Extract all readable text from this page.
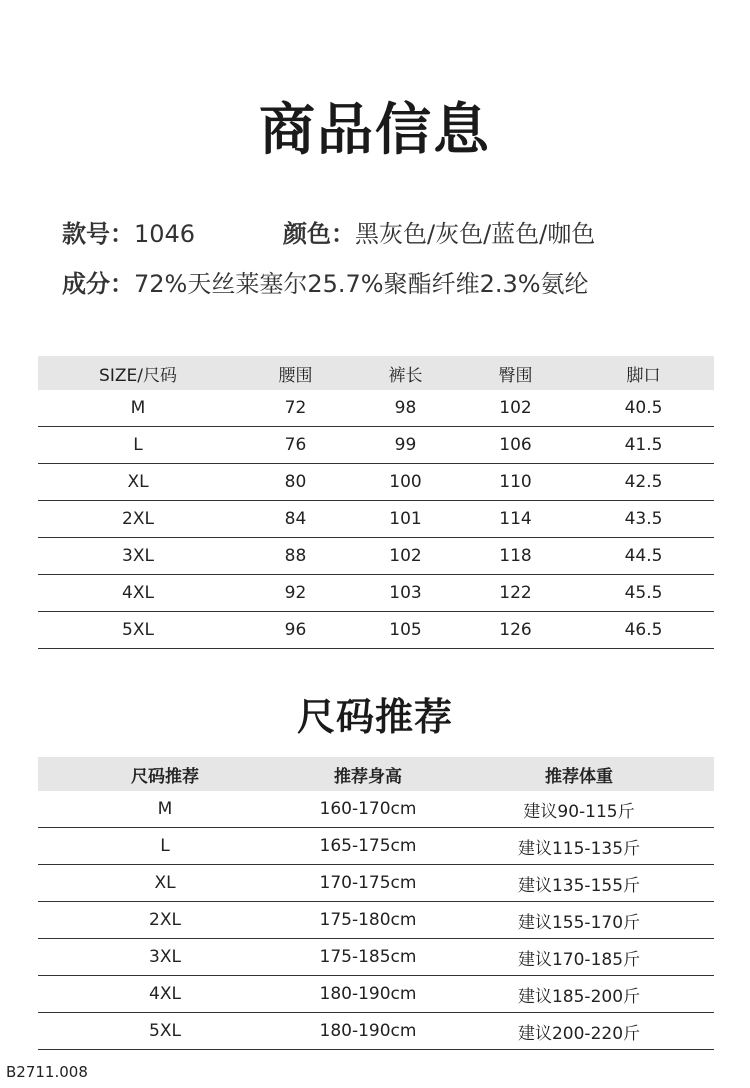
商品信息
款号：1046	颜色：黑灰色/灰色/蓝色/咖色
成分：72%天丝莱塞尔25.7%聚酯纤维2.3%氨纶
SIZE/尺码	腰围	裤长	臀围	脚口
M	72	98	102	40.5
L	76	99	106	41.5
XL	80	100	110	42.5
2XL	84	101	114	43.5
3XL	88	102	118	44.5
4XL	92	103	122	45.5
5XL	96	105	126	46.5
尺码推荐
尺码推荐	推荐身高	推荐体重
M	160-170cm	建议90-115斤
L	165-175cm	建议115-135斤
XL	170-175cm	建议135-155斤
2XL	175-180cm	建议155-170斤
3XL	175-185cm	建议170-185斤
4XL	180-190cm	建议185-200斤
5XL	180-190cm	建议200-220斤
B2711.008
